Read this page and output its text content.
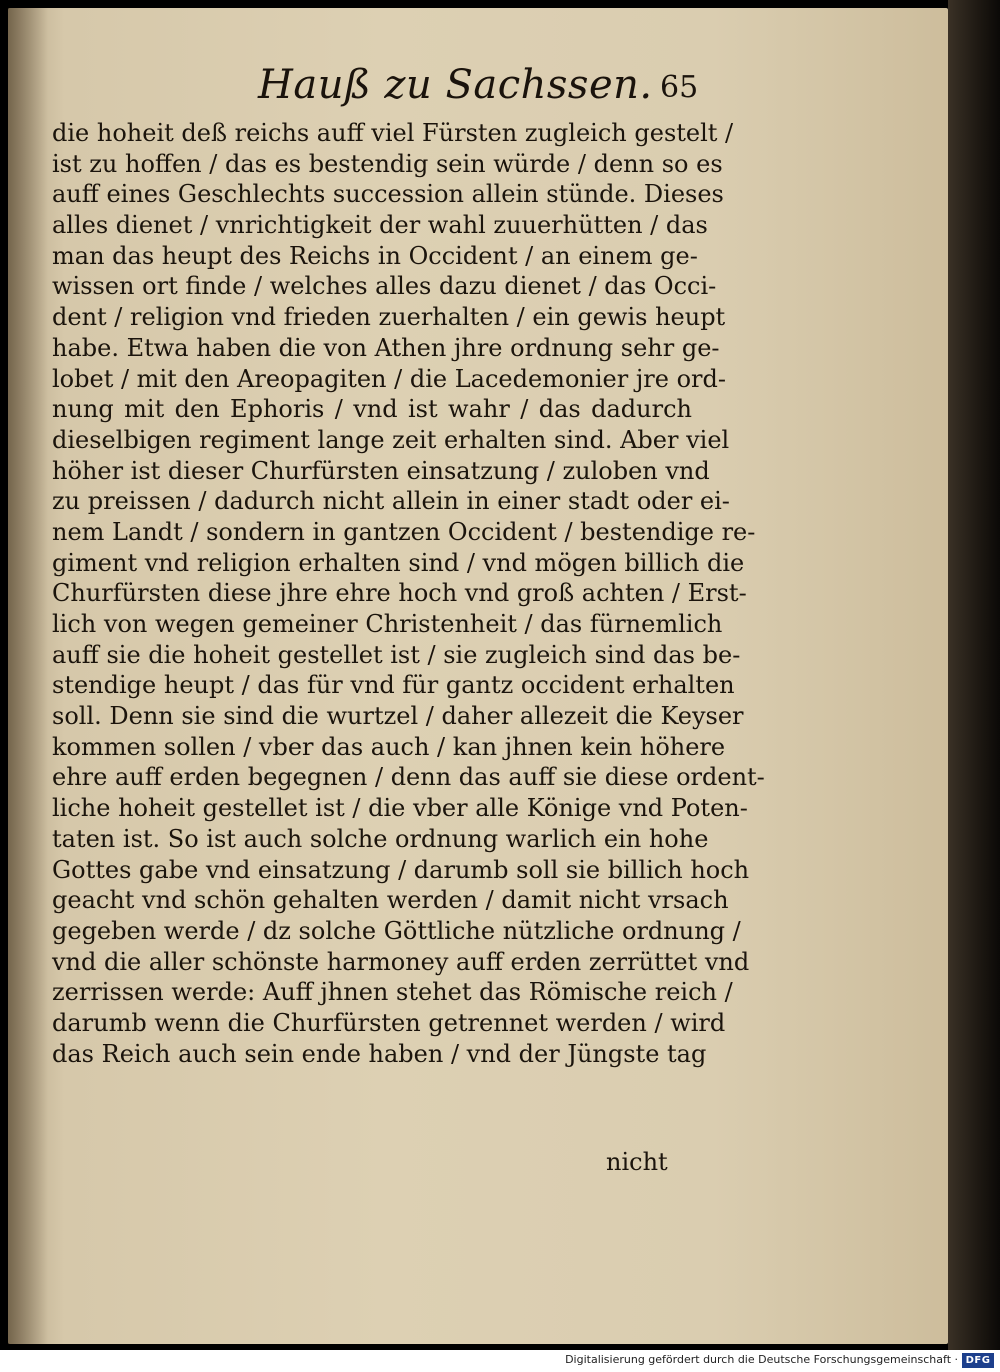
Hauß zu Sachssen. 65
die hoheit deß reichs auff viel Fürsten zugleich gestelt /
ist zu hoffen / das es bestendig sein würde / denn so es
auff eines Geschlechts succession allein stünde. Dieses
alles dienet / vnrichtigkeit der wahl zuuerhütten / das
man das heupt des Reichs in Occident / an einem ge-
wissen ort finde / welches alles dazu dienet / das Occi-
dent / religion vnd frieden zuerhalten / ein gewis heupt
habe. Etwa haben die von Athen jhre ordnung sehr ge-
lobet / mit den Areopagiten / die Lacedemonier jre ord-
nung mit den Ephoris / vnd ist wahr / das dadurch
dieselbigen regiment lange zeit erhalten sind. Aber viel
höher ist dieser Churfürsten einsatzung / zuloben vnd
zu preissen / dadurch nicht allein in einer stadt oder ei-
nem Landt / sondern in gantzen Occident / bestendige re-
giment vnd religion erhalten sind / vnd mögen billich die
Churfürsten diese jhre ehre hoch vnd groß achten / Erst-
lich von wegen gemeiner Christenheit / das fürnemlich
auff sie die hoheit gestellet ist / sie zugleich sind das be-
stendige heupt / das für vnd für gantz occident erhalten
soll. Denn sie sind die wurtzel / daher allezeit die Keyser
kommen sollen / vber das auch / kan jhnen kein höhere
ehre auff erden begegnen / denn das auff sie diese ordent-
liche hoheit gestellet ist / die vber alle Könige vnd Poten-
taten ist. So ist auch solche ordnung warlich ein hohe
Gottes gabe vnd einsatzung / darumb soll sie billich hoch
geacht vnd schön gehalten werden / damit nicht vrsach
gegeben werde / dz solche Göttliche nützliche ordnung /
vnd die aller schönste harmoney auff erden zerrüttet vnd
zerrissen werde: Auff jhnen stehet das Römische reich /
darumb wenn die Churfürsten getrennet werden / wird
das Reich auch sein ende haben / vnd der Jüngste tag
nicht
Digitalisierung gefördert durch die Deutsche Forschungsgemeinschaft · DFG
